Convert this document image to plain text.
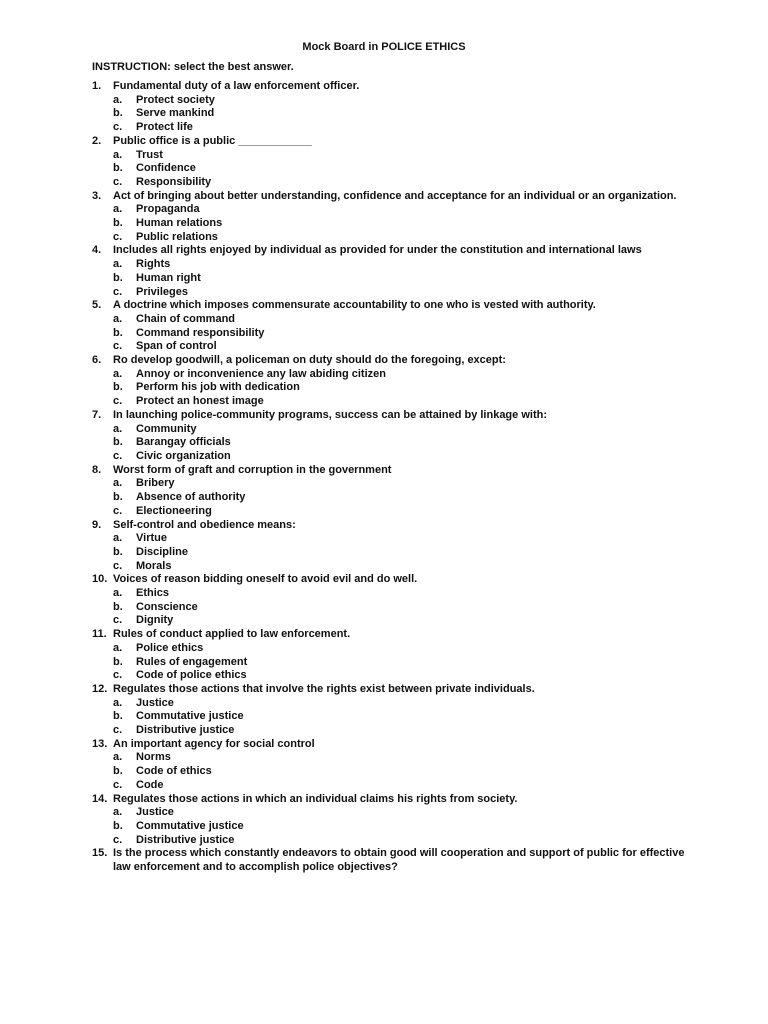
Mock Board in POLICE ETHICS
INSTRUCTION: select the best answer.
1.	Fundamental duty of a law enforcement officer.
a.	Protect society
b.	Serve mankind
c.	Protect life
2.	Public office is a public ____________
a.	Trust
b.	Confidence
c.	Responsibility
3.	Act of bringing about better understanding, confidence and acceptance for an individual or an organization.
a.	Propaganda
b.	Human relations
c.	Public relations
4.	Includes all rights enjoyed by individual as provided for under the constitution and international laws
a.	Rights
b.	Human right
c.	Privileges
5.	A doctrine which imposes commensurate accountability to one who is vested with authority.
a.	Chain of command
b.	Command responsibility
c.	Span of control
6.	Ro develop goodwill, a policeman on duty should do the foregoing, except:
a.	Annoy or inconvenience any law abiding citizen
b.	Perform his job with dedication
c.	Protect an honest image
7.	In launching police-community programs, success can be attained by linkage with:
a.	Community
b.	Barangay officials
c.	Civic organization
8.	Worst form of graft and corruption in the government
a.	Bribery
b.	Absence of authority
c.	Electioneering
9.	Self-control and obedience means:
a.	Virtue
b.	Discipline
c.	Morals
10. Voices of reason bidding oneself to avoid evil and do well.
a.	Ethics
b.	Conscience
c.	Dignity
11. Rules of conduct applied to law enforcement.
a.	Police ethics
b.	Rules of engagement
c.	Code of police ethics
12. Regulates those actions that involve the rights exist between private individuals.
a.	Justice
b.	Commutative justice
c.	Distributive justice
13. An important agency for social control
a.	Norms
b.	Code of ethics
c.	Code
14. Regulates those actions in which an individual claims his rights from society.
a.	Justice
b.	Commutative justice
c.	Distributive justice
15. Is the process which constantly endeavors to obtain good will cooperation and support of public for effective law enforcement and to accomplish police objectives?
